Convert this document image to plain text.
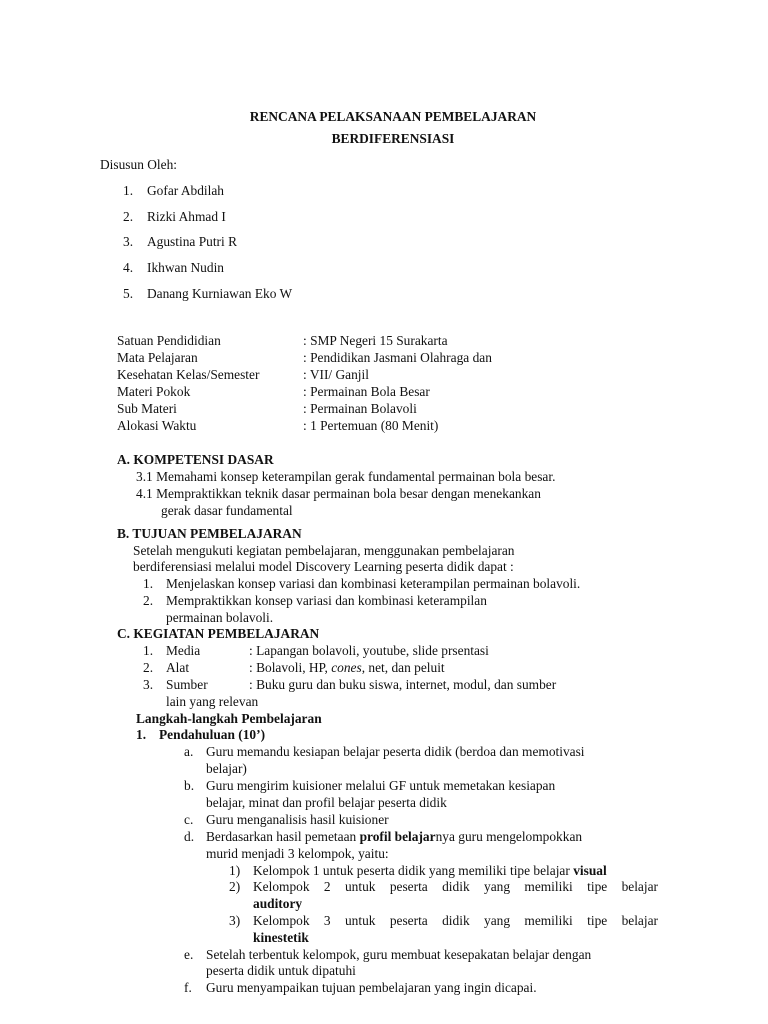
RENCANA PELAKSANAAN PEMBELAJARAN
BERDIFERENSIASI
Disusun Oleh:
1. Gofar Abdilah
2. Rizki Ahmad I
3. Agustina Putri R
4. Ikhwan Nudin
5. Danang Kurniawan Eko W
Satuan Pendididian	: SMP Negeri 15 Surakarta
Mata Pelajaran	: Pendidikan Jasmani Olahraga dan
Kesehatan Kelas/Semester	: VII/ Ganjil
Materi Pokok	: Permainan Bola Besar
Sub Materi	: Permainan Bolavoli
Alokasi Waktu	: 1 Pertemuan (80 Menit)
A. KOMPETENSI DASAR
3.1 Memahami konsep keterampilan gerak fundamental permainan bola besar.
4.1 Mempraktikkan teknik dasar permainan bola besar dengan menekankan
gerak dasar fundamental
B. TUJUAN PEMBELAJARAN
Setelah mengukuti kegiatan pembelajaran, menggunakan pembelajaran
berdiferensiasi melalui model Discovery Learning peserta didik dapat :
1. Menjelaskan konsep variasi dan kombinasi keterampilan permainan bolavoli.
2. Mempraktikkan konsep variasi dan kombinasi keterampilan
permainan bolavoli.
C. KEGIATAN PEMBELAJARAN
1. Media	: Lapangan bolavoli, youtube, slide prsentasi
2. Alat	: Bolavoli, HP, cones, net, dan peluit
3. Sumber	: Buku guru dan buku siswa, internet, modul, dan sumber
lain yang relevan
Langkah-langkah Pembelajaran
1. Pendahuluan (10’)
a. Guru memandu kesiapan belajar peserta didik (berdoa dan memotivasi
belajar)
b. Guru mengirim kuisioner melalui GF untuk memetakan kesiapan
belajar, minat dan profil belajar peserta didik
c. Guru menganalisis hasil kuisioner
d. Berdasarkan hasil pemetaan profil belajarnya guru mengelompokkan
murid menjadi 3 kelompok, yaitu:
1) Kelompok 1 untuk peserta didik yang memiliki tipe belajar visual
2) Kelompok 2 untuk peserta didik yang memiliki tipe belajar
auditory
3) Kelompok 3 untuk peserta didik yang memiliki tipe belajar
kinestetik
e. Setelah terbentuk kelompok, guru membuat kesepakatan belajar dengan
peserta didik untuk dipatuhi
f. Guru menyampaikan tujuan pembelajaran yang ingin dicapai.
